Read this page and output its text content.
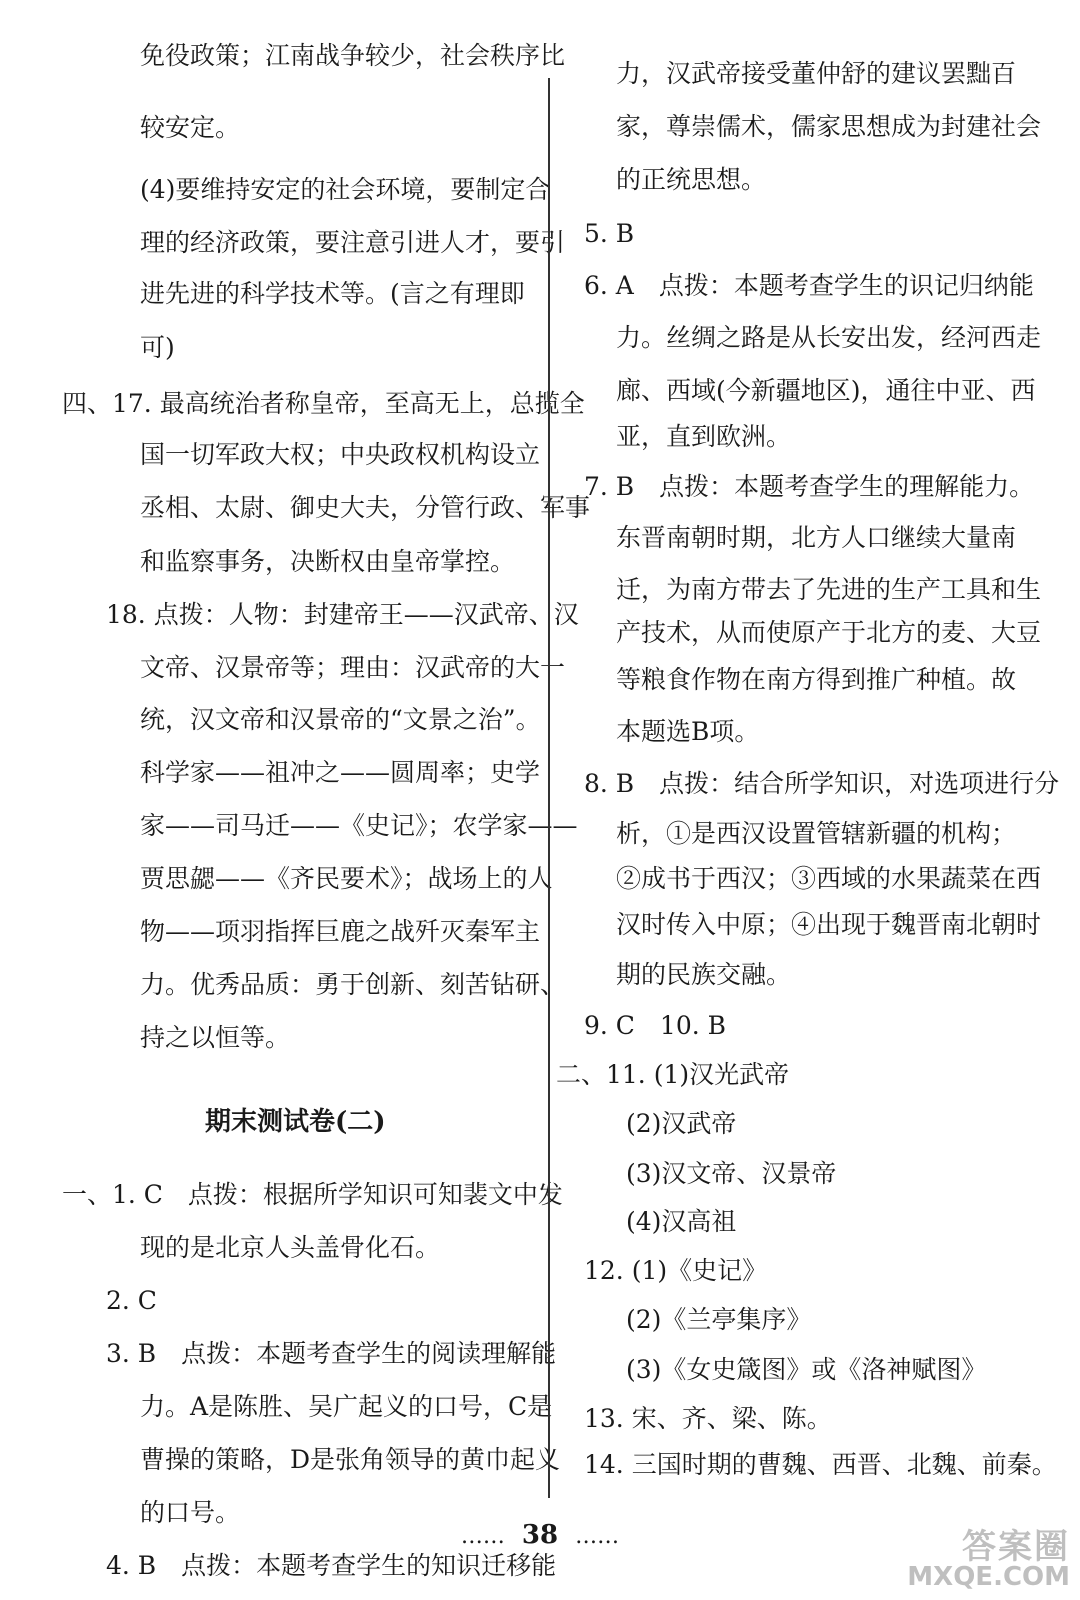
免役政策；江南战争较少，社会秩序比
较安定。
(4)要维持安定的社会环境，要制定合
理的经济政策，要注意引进人才，要引
进先进的科学技术等。(言之有理即
可)
四、17. 最高统治者称皇帝，至高无上，总揽全
国一切军政大权；中央政权机构设立
丞相、太尉、御史大夫，分管行政、军事
和监察事务，决断权由皇帝掌控。
18. 点拨：人物：封建帝王——汉武帝、汉
文帝、汉景帝等；理由：汉武帝的大一
统，汉文帝和汉景帝的“文景之治”。
科学家——祖冲之——圆周率；史学
家——司马迁——《史记》；农学家——
贾思勰——《齐民要术》；战场上的人
物——项羽指挥巨鹿之战歼灭秦军主
力。优秀品质：勇于创新、刻苦钻研、
持之以恒等。
期末测试卷(二)
一、1. C　点拨：根据所学知识可知裴文中发
现的是北京人头盖骨化石。
2. C
3. B　点拨：本题考查学生的阅读理解能
力。A是陈胜、吴广起义的口号，C是
曹操的策略，D是张角领导的黄巾起义
的口号。
4. B　点拨：本题考查学生的知识迁移能
力，汉武帝接受董仲舒的建议罢黜百
家，尊崇儒术，儒家思想成为封建社会
的正统思想。
5. B
6. A　点拨：本题考查学生的识记归纳能
力。丝绸之路是从长安出发，经河西走
廊、西域(今新疆地区)，通往中亚、西
亚，直到欧洲。
7. B　点拨：本题考查学生的理解能力。
东晋南朝时期，北方人口继续大量南
迁，为南方带去了先进的生产工具和生
产技术，从而使原产于北方的麦、大豆
等粮食作物在南方得到推广种植。故
本题选B项。
8. B　点拨：结合所学知识，对选项进行分
析，①是西汉设置管辖新疆的机构；
②成书于西汉；③西域的水果蔬菜在西
汉时传入中原；④出现于魏晋南北朝时
期的民族交融。
9. C　10. B
二、11. (1)汉光武帝
(2)汉武帝
(3)汉文帝、汉景帝
(4)汉高祖
12. (1)《史记》
(2)《兰亭集序》
(3)《女史箴图》或《洛神赋图》
13. 宋、齐、梁、陈。
14. 三国时期的曹魏、西晋、北魏、前秦。
…… 38 ……	答案圈
MXQE.COM
